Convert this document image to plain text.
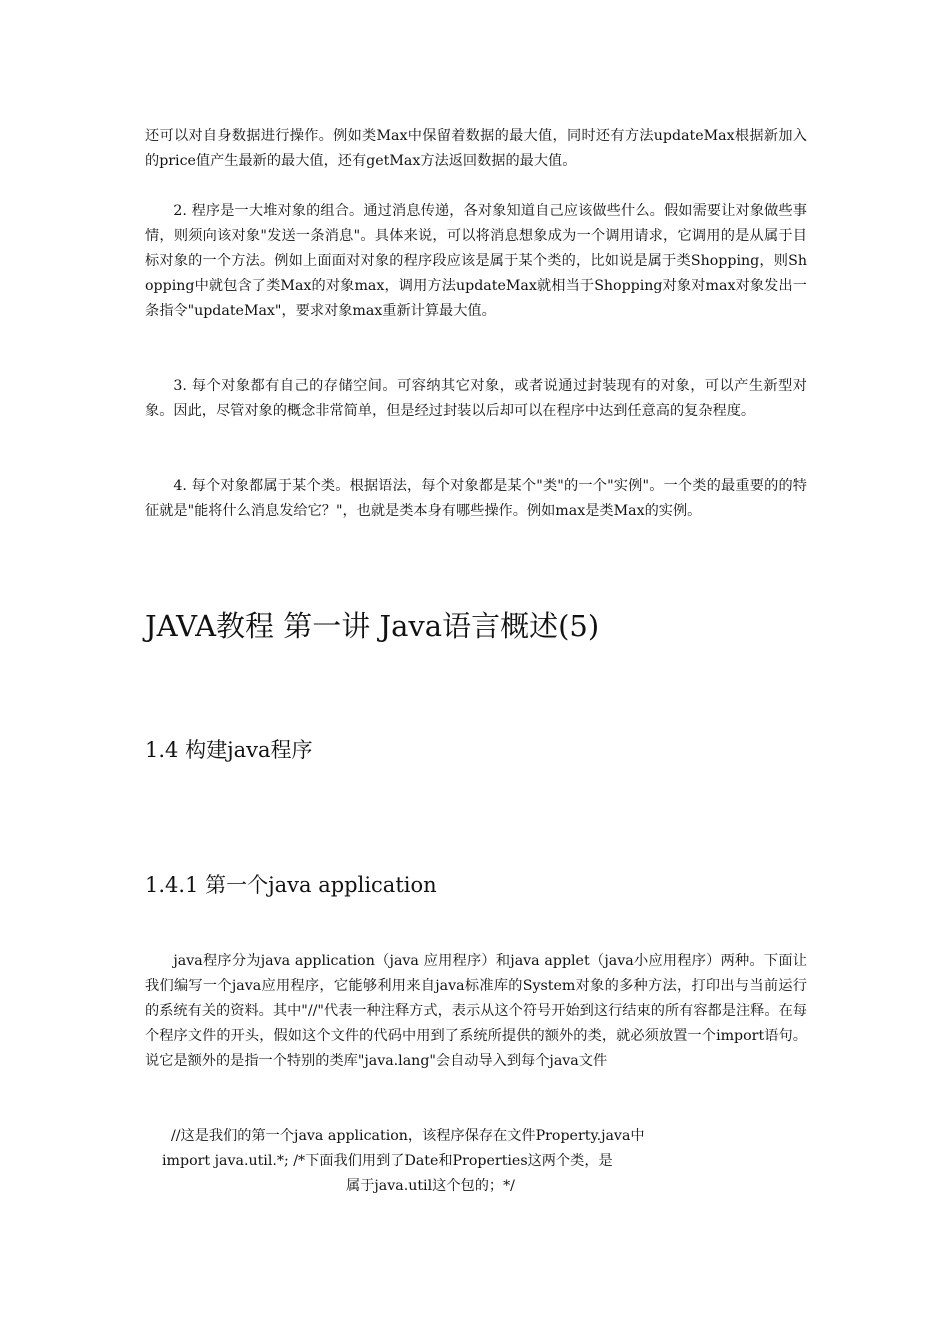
还可以对自身数据进行操作。例如类Max中保留着数据的最大值，同时还有方法updateMax根据新加入的price值产生最新的最大值，还有getMax方法返回数据的最大值。

2. 程序是一大堆对象的组合。通过消息传递，各对象知道自己应该做些什么。假如需要让对象做些事情，则须向该对象"发送一条消息"。具体来说，可以将消息想象成为一个调用请求，它调用的是从属于目标对象的一个方法。例如上面面对对象的程序段应该是属于某个类的，比如说是属于类Shopping，则Shopping中就包含了类Max的对象max，调用方法updateMax就相当于Shopping对象对max对象发出一条指令"updateMax"，要求对象max重新计算最大值。

3. 每个对象都有自己的存储空间。可容纳其它对象，或者说通过封装现有的对象，可以产生新型对象。因此，尽管对象的概念非常简单，但是经过封装以后却可以在程序中达到任意高的复杂程度。

4. 每个对象都属于某个类。根据语法，每个对象都是某个"类"的一个"实例"。一个类的最重要的的特征就是"能将什么消息发给它？"，也就是类本身有哪些操作。例如max是类Max的实例。

JAVA教程 第一讲 Java语言概述(5)
1.4 构建java程序
1.4.1 第一个java application

java程序分为java application（java 应用程序）和java applet（java小应用程序）两种。下面让我们编写一个java应用程序，它能够利用来自java标准库的System对象的多种方法，打印出与当前运行的系统有关的资料。其中"//"代表一种注释方式，表示从这个符号开始到这行结束的所有容都是注释。在每个程序文件的开头，假如这个文件的代码中用到了系统所提供的额外的类，就必须放置一个import语句。说它是额外的是指一个特别的类库"java.lang"会自动导入到每个java文件

//这是我们的第一个java application，该程序保存在文件Property.java中

import java.util.*; /*下面我们用到了Date和Properties这两个类，是

属于java.util这个包的；*/
